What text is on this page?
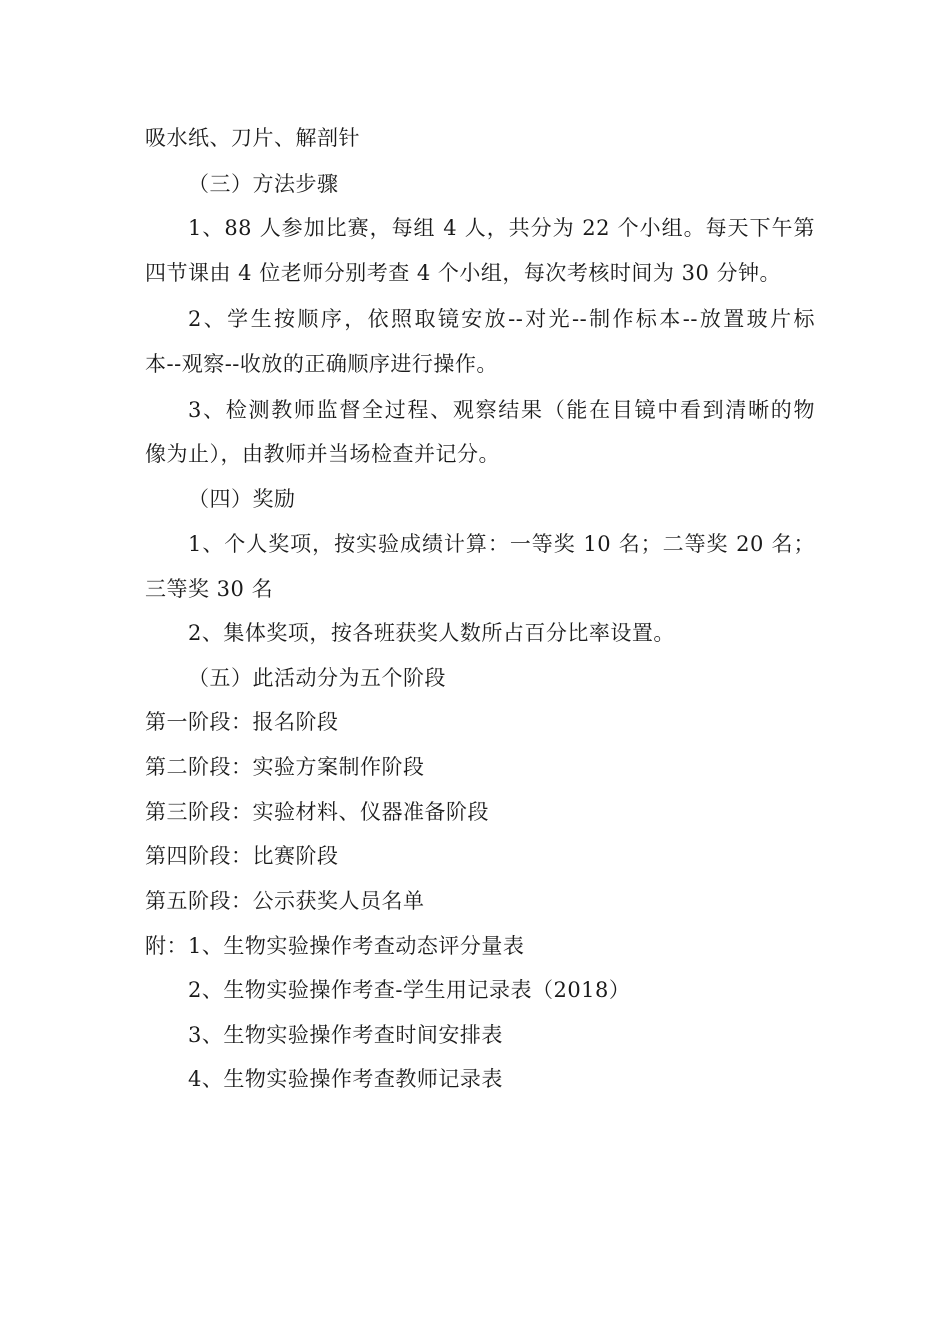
吸水纸、刀片、解剖针
（三）方法步骤
1、88 人参加比赛，每组 4 人，共分为 22 个小组。每天下午第
四节课由 4 位老师分别考查 4 个小组，每次考核时间为 30 分钟。
2、学生按顺序，依照取镜安放--对光--制作标本--放置玻片标
本--观察--收放的正确顺序进行操作。
3、检测教师监督全过程、观察结果（能在目镜中看到清晰的物
像为止），由教师并当场检查并记分。
（四）奖励
1、个人奖项，按实验成绩计算：一等奖 10 名；二等奖 20 名；
三等奖 30 名
2、集体奖项，按各班获奖人数所占百分比率设置。
（五）此活动分为五个阶段
第一阶段：报名阶段
第二阶段：实验方案制作阶段
第三阶段：实验材料、仪器准备阶段
第四阶段：比赛阶段
第五阶段：公示获奖人员名单
附：1、生物实验操作考查动态评分量表
2、生物实验操作考查-学生用记录表（2018）
3、生物实验操作考查时间安排表
4、生物实验操作考查教师记录表
